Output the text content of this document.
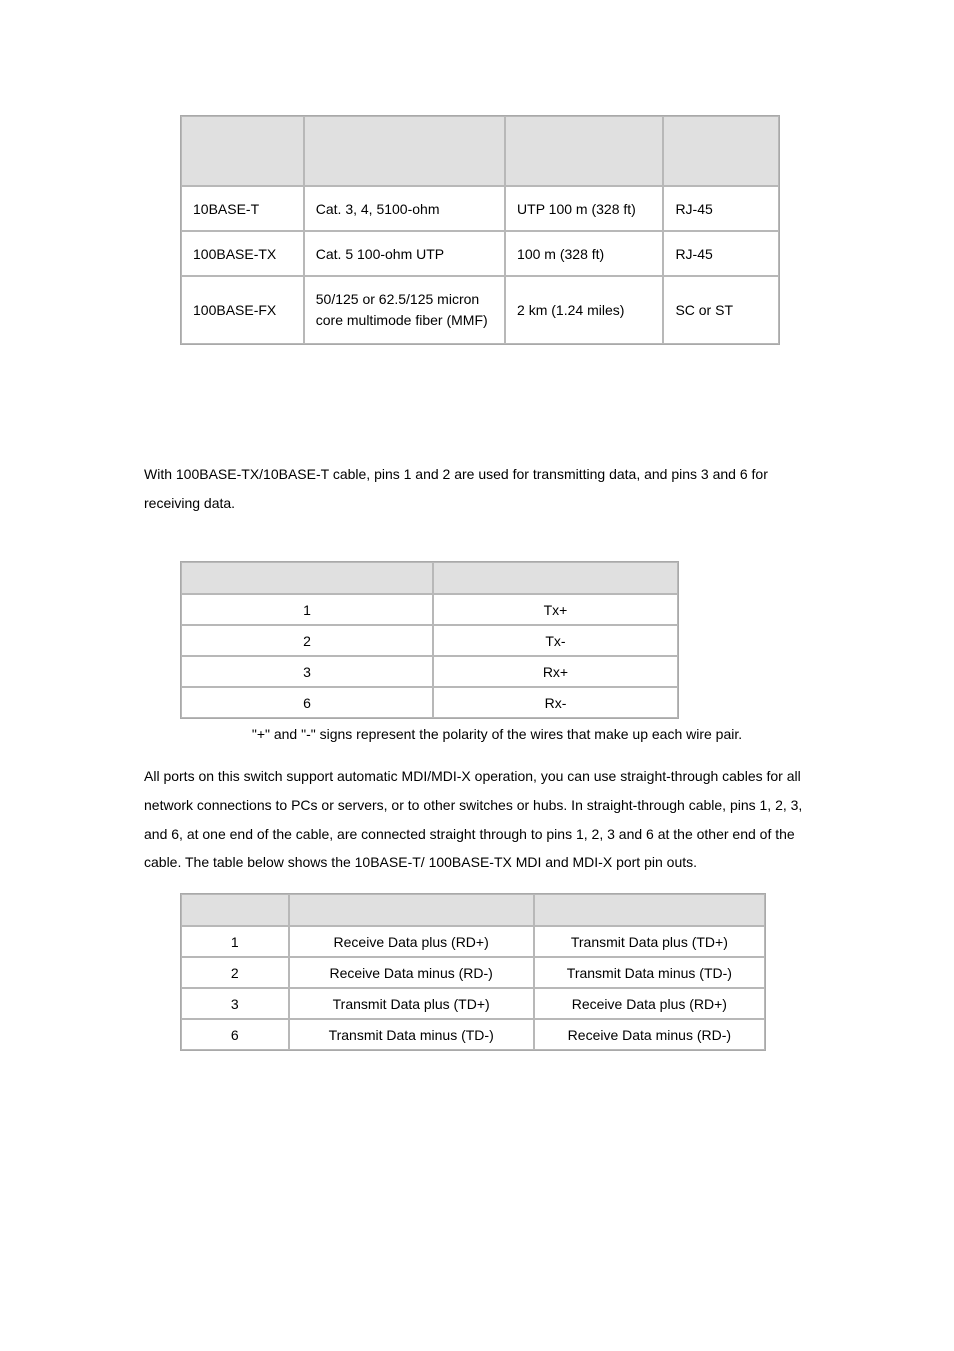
10BASE-T	Cat. 3, 4, 5100-ohm	UTP 100 m (328 ft)	RJ-45
100BASE-TX	Cat. 5 100-ohm UTP	100 m (328 ft)	RJ-45
100BASE-FX	50/125 or 62.5/125 micron core multimode fiber (MMF)	2 km (1.24 miles)	SC or ST

With 100BASE-TX/10BASE-T cable, pins 1 and 2 are used for transmitting data, and pins 3 and 6 for receiving data.

1	Tx+
2	Tx-
3	Rx+
6	Rx-
"+" and "-" signs represent the polarity of the wires that make up each wire pair.

All ports on this switch support automatic MDI/MDI-X operation, you can use straight-through cables for all network connections to PCs or servers, or to other switches or hubs. In straight-through cable, pins 1, 2, 3, and 6, at one end of the cable, are connected straight through to pins 1, 2, 3 and 6 at the other end of the cable. The table below shows the 10BASE-T/ 100BASE-TX MDI and MDI-X port pin outs.

1	Receive Data plus (RD+)	Transmit Data plus (TD+)
2	Receive Data minus (RD-)	Transmit Data minus (TD-)
3	Transmit Data plus (TD+)	Receive Data plus (RD+)
6	Transmit Data minus (TD-)	Receive Data minus (RD-)
